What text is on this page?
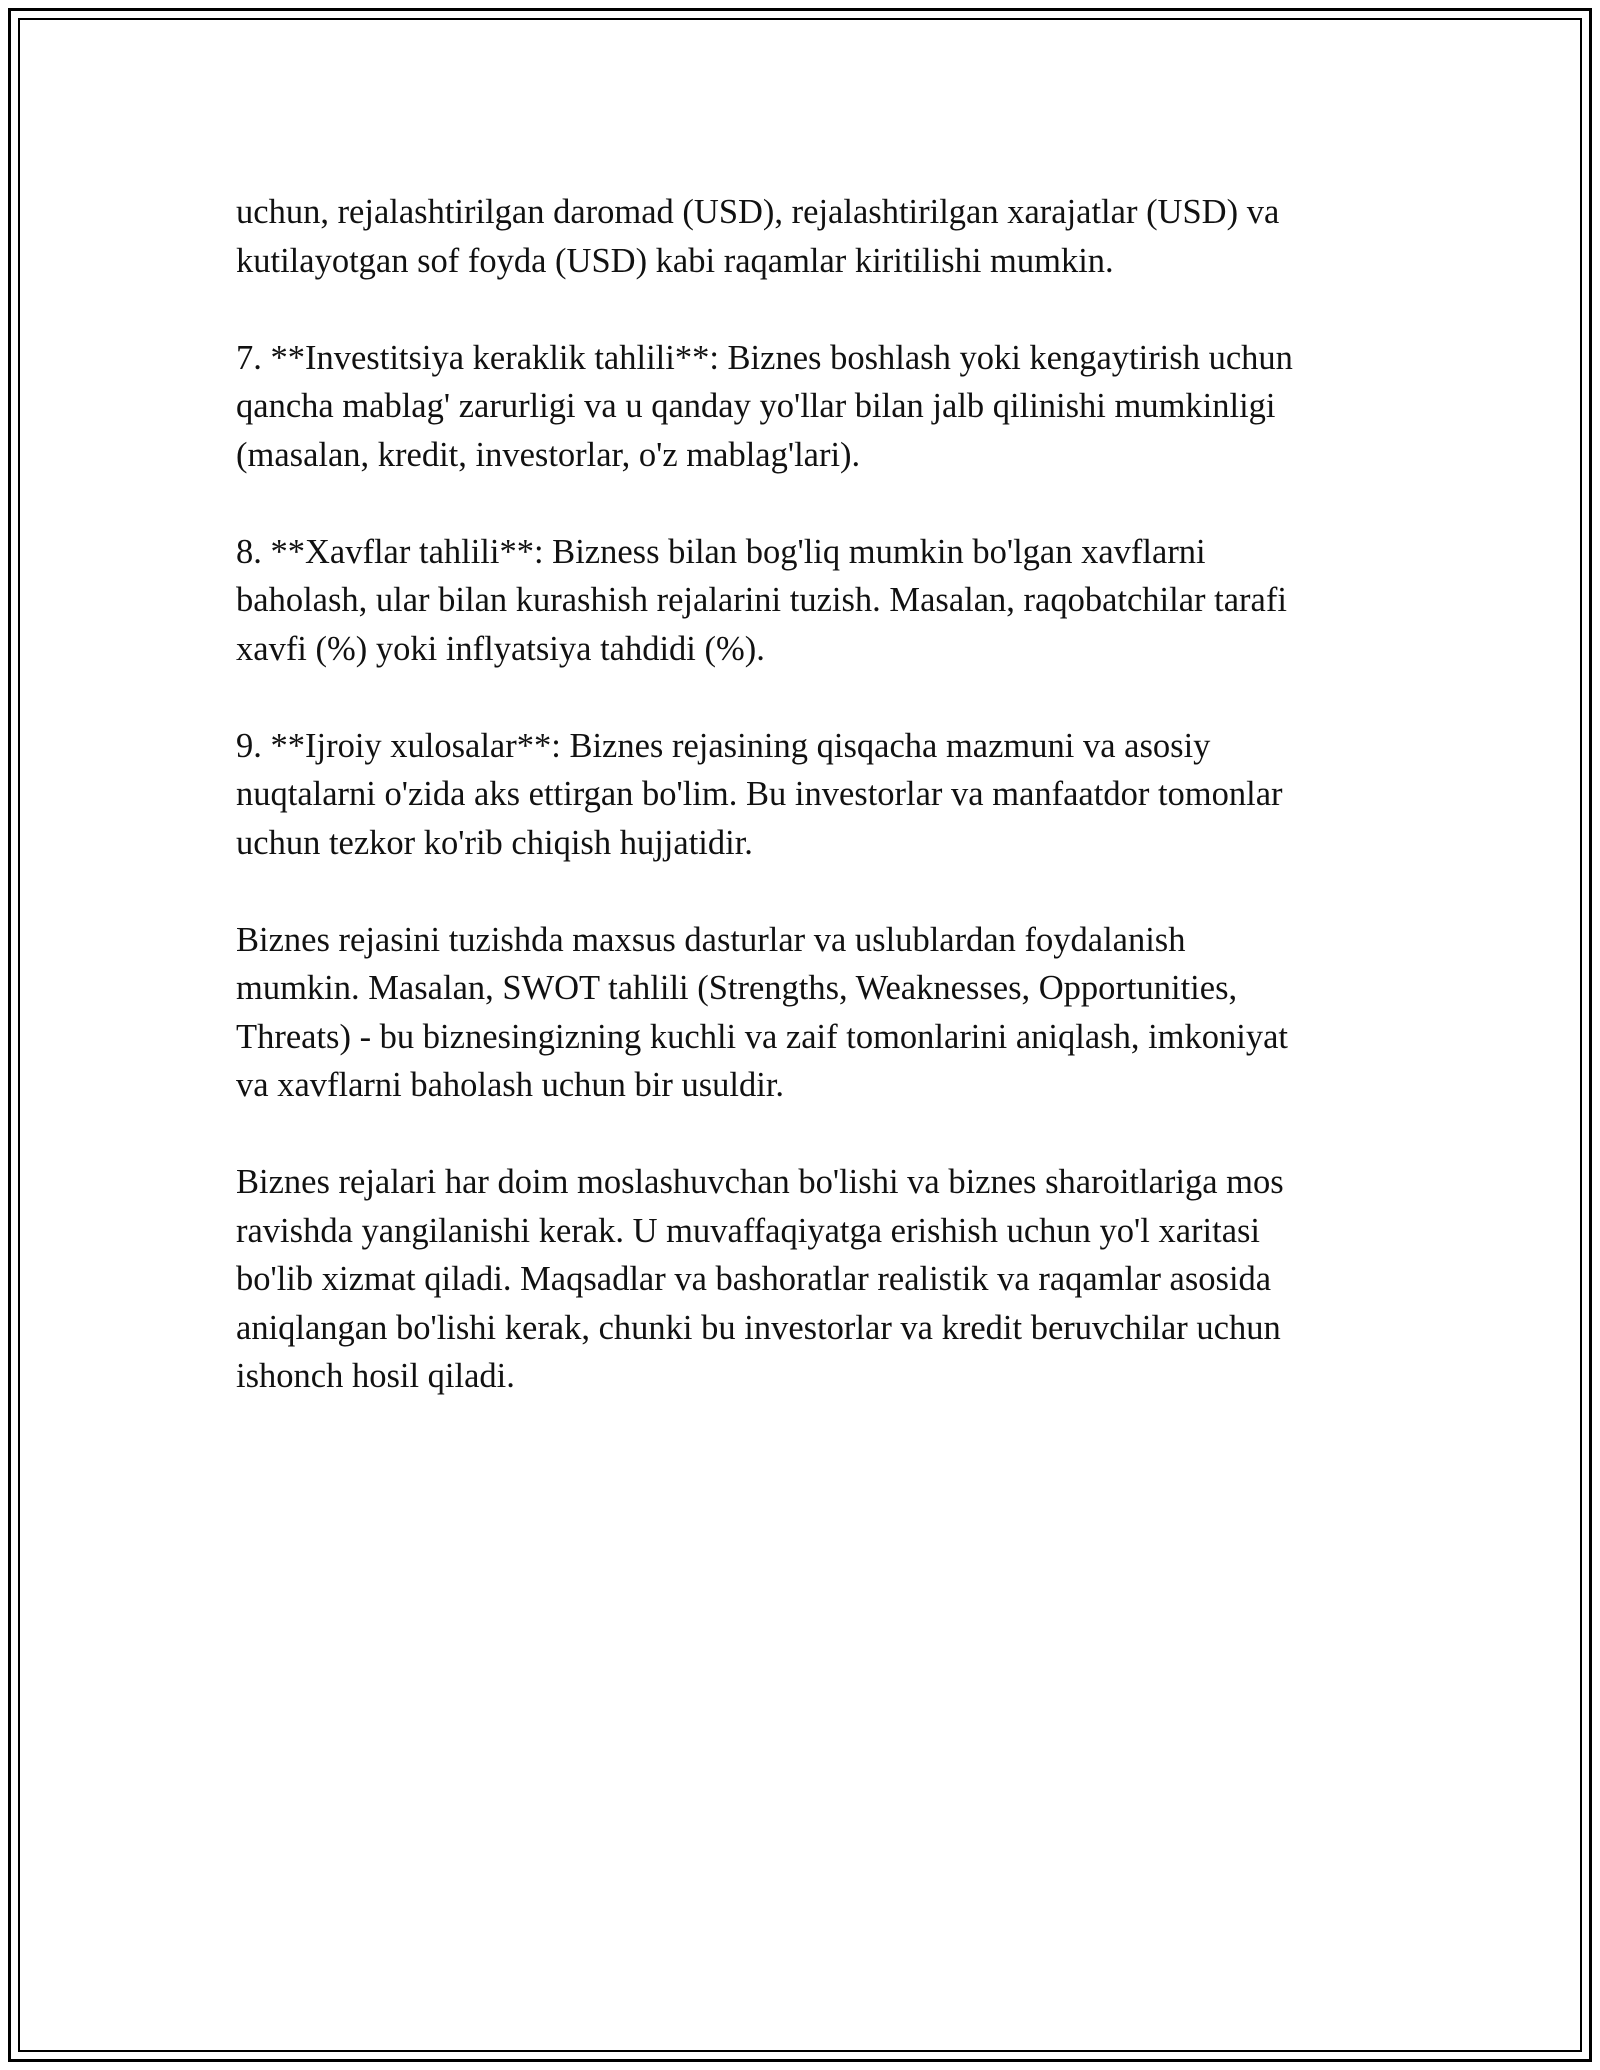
uchun, rejalashtirilgan daromad (USD), rejalashtirilgan xarajatlar (USD) va
kutilayotgan sof foyda (USD) kabi raqamlar kiritilishi mumkin.

7. **Investitsiya keraklik tahlili**: Biznes boshlash yoki kengaytirish uchun
qancha mablag' zarurligi va u qanday yo'llar bilan jalb qilinishi mumkinligi
(masalan, kredit, investorlar, o'z mablag'lari).

8. **Xavflar tahlili**: Bizness bilan bog'liq mumkin bo'lgan xavflarni
baholash, ular bilan kurashish rejalarini tuzish. Masalan, raqobatchilar tarafi
xavfi (%) yoki inflyatsiya tahdidi (%).

9. **Ijroiy xulosalar**: Biznes rejasining qisqacha mazmuni va asosiy
nuqtalarni o'zida aks ettirgan bo'lim. Bu investorlar va manfaatdor tomonlar
uchun tezkor ko'rib chiqish hujjatidir.

Biznes rejasini tuzishda maxsus dasturlar va uslublardan foydalanish
mumkin. Masalan, SWOT tahlili (Strengths, Weaknesses, Opportunities,
Threats) - bu biznesingizning kuchli va zaif tomonlarini aniqlash, imkoniyat
va xavflarni baholash uchun bir usuldir.

Biznes rejalari har doim moslashuvchan bo'lishi va biznes sharoitlariga mos
ravishda yangilanishi kerak. U muvaffaqiyatga erishish uchun yo'l xaritasi
bo'lib xizmat qiladi. Maqsadlar va bashoratlar realistik va raqamlar asosida
aniqlangan bo'lishi kerak, chunki bu investorlar va kredit beruvchilar uchun
ishonch hosil qiladi.
